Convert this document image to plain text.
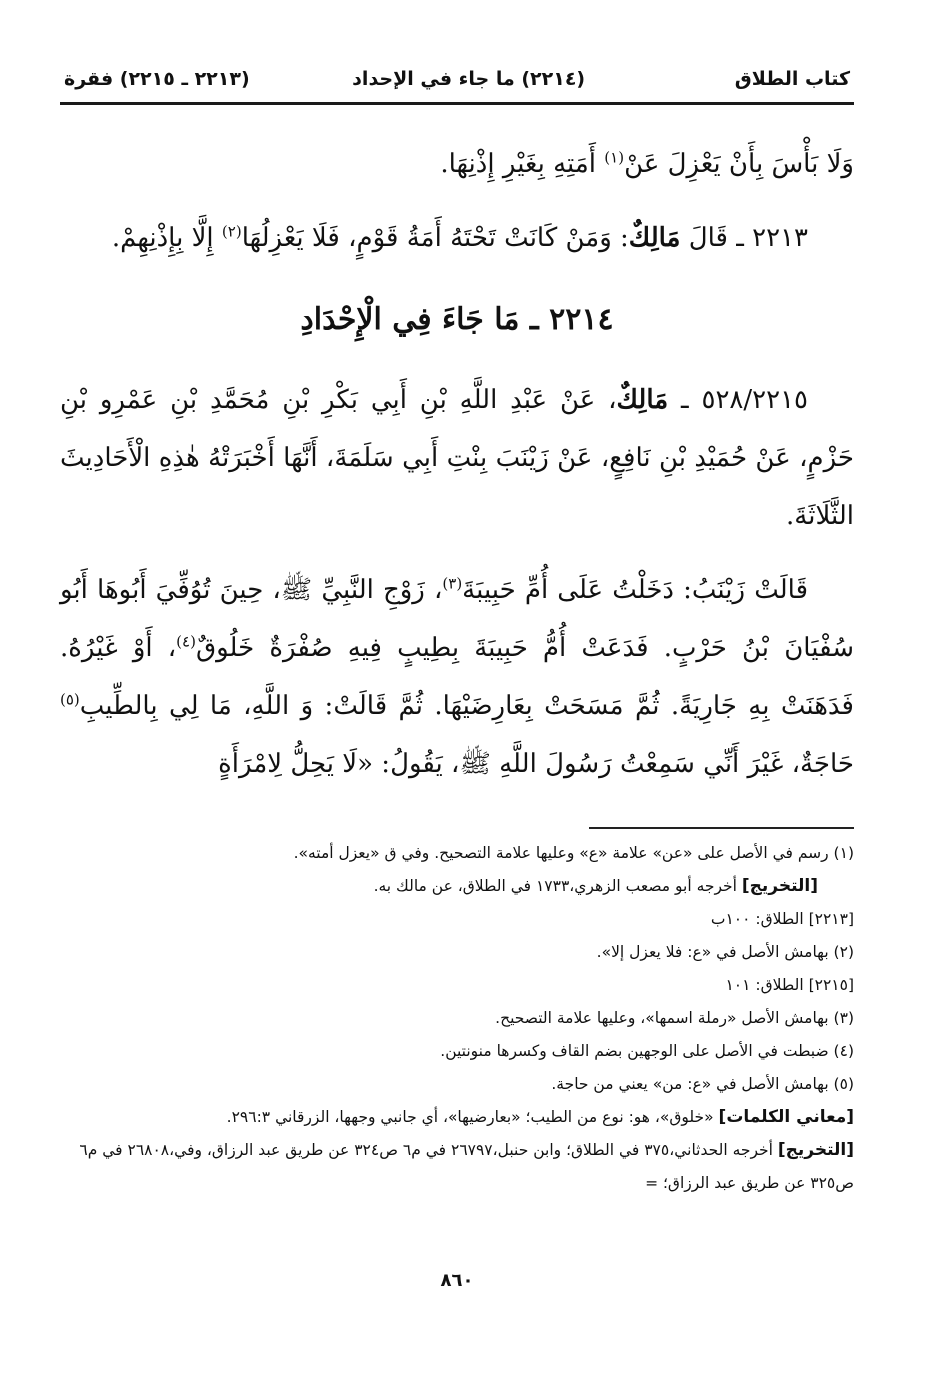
كتاب الطلاق
(٢٢١٤) ما جاء في الإحداد
(٢٢١٣ ـ ٢٢١٥) فقرة

وَلَا بَأْسَ بِأَنْ يَعْزِلَ عَنْ$^{(١)}$ أَمَتِهِ بِغَيْرِ إِذْنِهَا.

٢٢١٣ ـ قَالَ مَالِكٌ: وَمَنْ كَانَتْ تَحْتَهُ أَمَةُ قَوْمٍ، فَلَا يَعْزِلُهَا$^{(٢)}$ إِلَّا بِإِذْنِهِمْ.

٢٢١٤ ـ مَا جَاءَ فِي الْإِحْدَادِ

٥٢٨/٢٢١٥ ـ مَالِكٌ، عَنْ عَبْدِ اللَّهِ بْنِ أَبِي بَكْرِ بْنِ مُحَمَّدِ بْنِ عَمْرِو بْنِ حَزْمٍ، عَنْ حُمَيْدِ بْنِ نَافِعٍ، عَنْ زَيْنَبَ بِنْتِ أَبِي سَلَمَةَ، أَنَّهَا أَخْبَرَتْهُ هٰذِهِ الْأَحَادِيثَ الثَّلَاثَةَ.

قَالَتْ زَيْنَبُ: دَخَلْتُ عَلَى أُمِّ حَبِيبَةَ$^{(٣)}$، زَوْجِ النَّبِيِّ ﷺ، حِينَ تُوُفِّيَ أَبُوهَا أَبُو سُفْيَانَ بْنُ حَرْبٍ. فَدَعَتْ أُمُّ حَبِيبَةَ بِطِيبٍ فِيهِ صُفْرَةٌ خَلُوقٌ$^{(٤)}$، أَوْ غَيْرُهُ. فَدَهَنَتْ بِهِ جَارِيَةً. ثُمَّ مَسَحَتْ بِعَارِضَيْهَا. ثُمَّ قَالَتْ: وَ اللَّهِ، مَا لِي بِالطِّيبِ$^{(٥)}$ حَاجَةٌ، غَيْرَ أَنِّي سَمِعْتُ رَسُولَ اللَّهِ ﷺ، يَقُولُ: «لَا يَحِلُّ لِامْرَأَةٍ

(١) رسم في الأصل على «عن» علامة «ع» وعليها علامة التصحيح. وفي ق «يعزل أمته».

[التخريج] أخرجه أبو مصعب الزهري،١٧٣٣ في الطلاق، عن مالك به.

[٢٢١٣] الطلاق: ١٠٠ب

(٢) بهامش الأصل في «ع: فلا يعزل إلا».

[٢٢١٥] الطلاق: ١٠١

(٣) بهامش الأصل «رملة اسمها»، وعليها علامة التصحيح.

(٤) ضبطت في الأصل على الوجهين بضم القاف وكسرها منونتين.

(٥) بهامش الأصل في «ع: من» يعني من حاجة.

[معاني الكلمات] «خلوق»، هو: نوع من الطيب؛ «بعارضيها»، أي جانبي وجهها، الزرقاني ٢٩٦:٣.

[التخريج] أخرجه الحدثاني،٣٧٥ في الطلاق؛ وابن حنبل،٢٦٧٩٧ في م٦ ص٣٢٤ عن طريق عبد الرزاق، وفي،٢٦٨٠٨ في م٦ ص٣٢٥ عن طريق عبد الرزاق؛ =

٨٦٠
